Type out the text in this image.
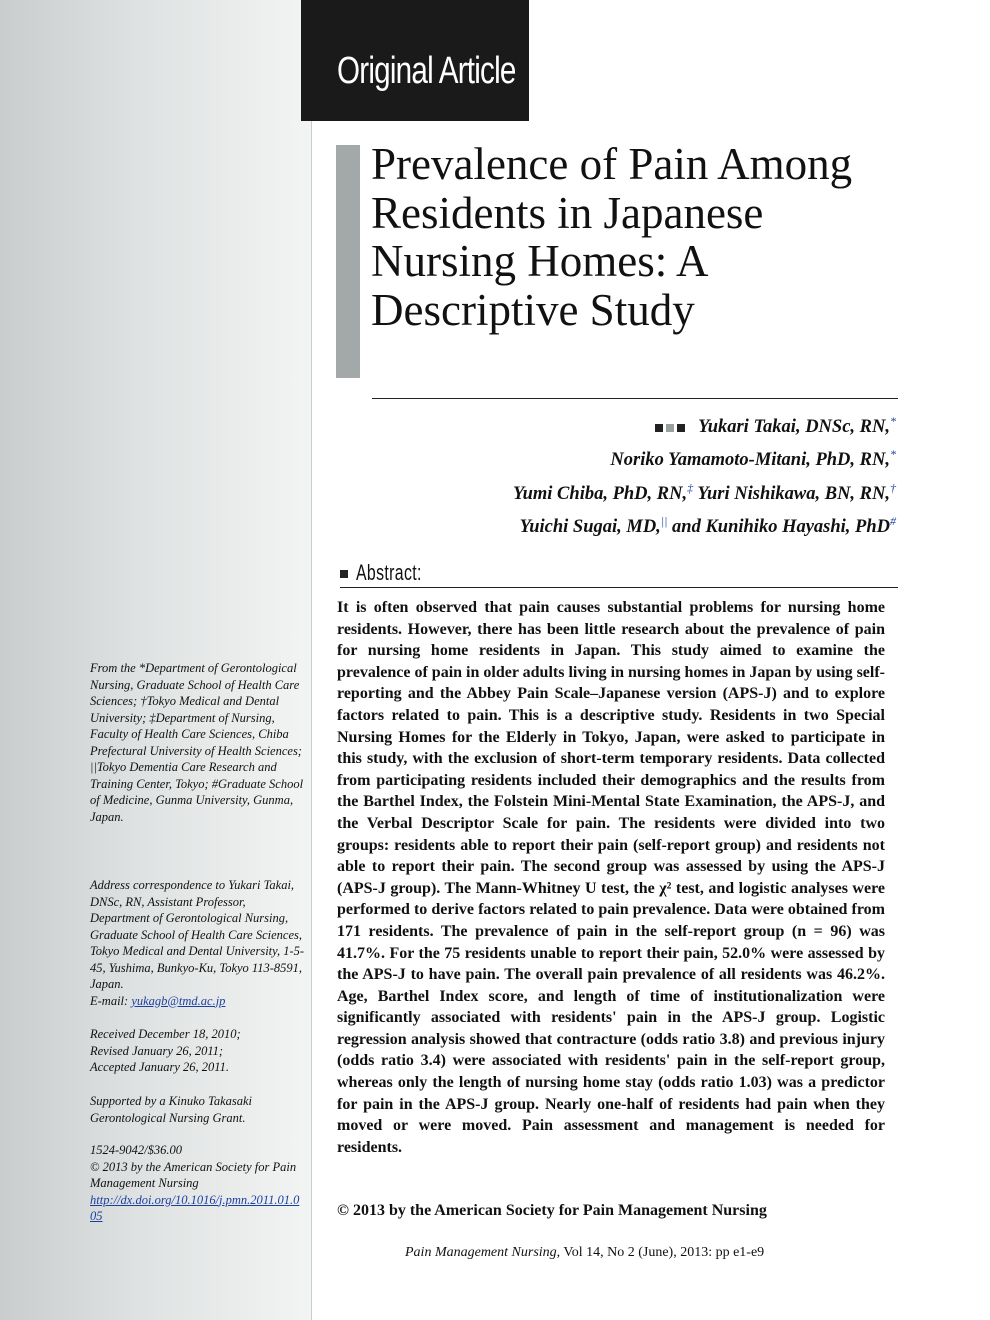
Original Article
Prevalence of Pain Among Residents in Japanese Nursing Homes: A Descriptive Study
Yukari Takai, DNSc, RN,*
Noriko Yamamoto-Mitani, PhD, RN,*
Yumi Chiba, PhD, RN,‡ Yuri Nishikawa, BN, RN,†
Yuichi Sugai, MD,|| and Kunihiko Hayashi, PhD#
Abstract:

It is often observed that pain causes substantial problems for nursing home residents. However, there has been little research about the prevalence of pain for nursing home residents in Japan. This study aimed to examine the prevalence of pain in older adults living in nursing homes in Japan by using self-reporting and the Abbey Pain Scale–Japanese version (APS-J) and to explore factors related to pain. This is a descriptive study. Residents in two Special Nursing Homes for the Elderly in Tokyo, Japan, were asked to participate in this study, with the exclusion of short-term temporary residents. Data collected from participating residents included their demographics and the results from the Barthel Index, the Folstein Mini-Mental State Examination, the APS-J, and the Verbal Descriptor Scale for pain. The residents were divided into two groups: residents able to report their pain (self-report group) and residents not able to report their pain. The second group was assessed by using the APS-J (APS-J group). The Mann-Whitney U test, the χ² test, and logistic analyses were performed to derive factors related to pain prevalence. Data were obtained from 171 residents. The prevalence of pain in the self-report group (n = 96) was 41.7%. For the 75 residents unable to report their pain, 52.0% were assessed by the APS-J to have pain. The overall pain prevalence of all residents was 46.2%. Age, Barthel Index score, and length of time of institutionalization were significantly associated with residents' pain in the APS-J group. Logistic regression analysis showed that contracture (odds ratio 3.8) and previous injury (odds ratio 3.4) were associated with residents' pain in the self-report group, whereas only the length of nursing home stay (odds ratio 1.03) was a predictor for pain in the APS-J group. Nearly one-half of residents had pain when they moved or were moved. Pain assessment and management is needed for residents.

© 2013 by the American Society for Pain Management Nursing

From the *Department of Gerontological Nursing, Graduate School of Health Care Sciences; †Tokyo Medical and Dental University; ‡Department of Nursing, Faculty of Health Care Sciences, Chiba Prefectural University of Health Sciences; ||Tokyo Dementia Care Research and Training Center, Tokyo; #Graduate School of Medicine, Gunma University, Gunma, Japan.

Address correspondence to Yukari Takai, DNSc, RN, Assistant Professor, Department of Gerontological Nursing, Graduate School of Health Care Sciences, Tokyo Medical and Dental University, 1-5-45, Yushima, Bunkyo-Ku, Tokyo 113-8591, Japan.
E-mail: yukagb@tmd.ac.jp

Received December 18, 2010;
Revised January 26, 2011;
Accepted January 26, 2011.

Supported by a Kinuko Takasaki Gerontological Nursing Grant.

1524-9042/$36.00
© 2013 by the American Society for Pain Management Nursing
http://dx.doi.org/10.1016/j.pmn.2011.01.005

Pain Management Nursing, Vol 14, No 2 (June), 2013: pp e1-e9
